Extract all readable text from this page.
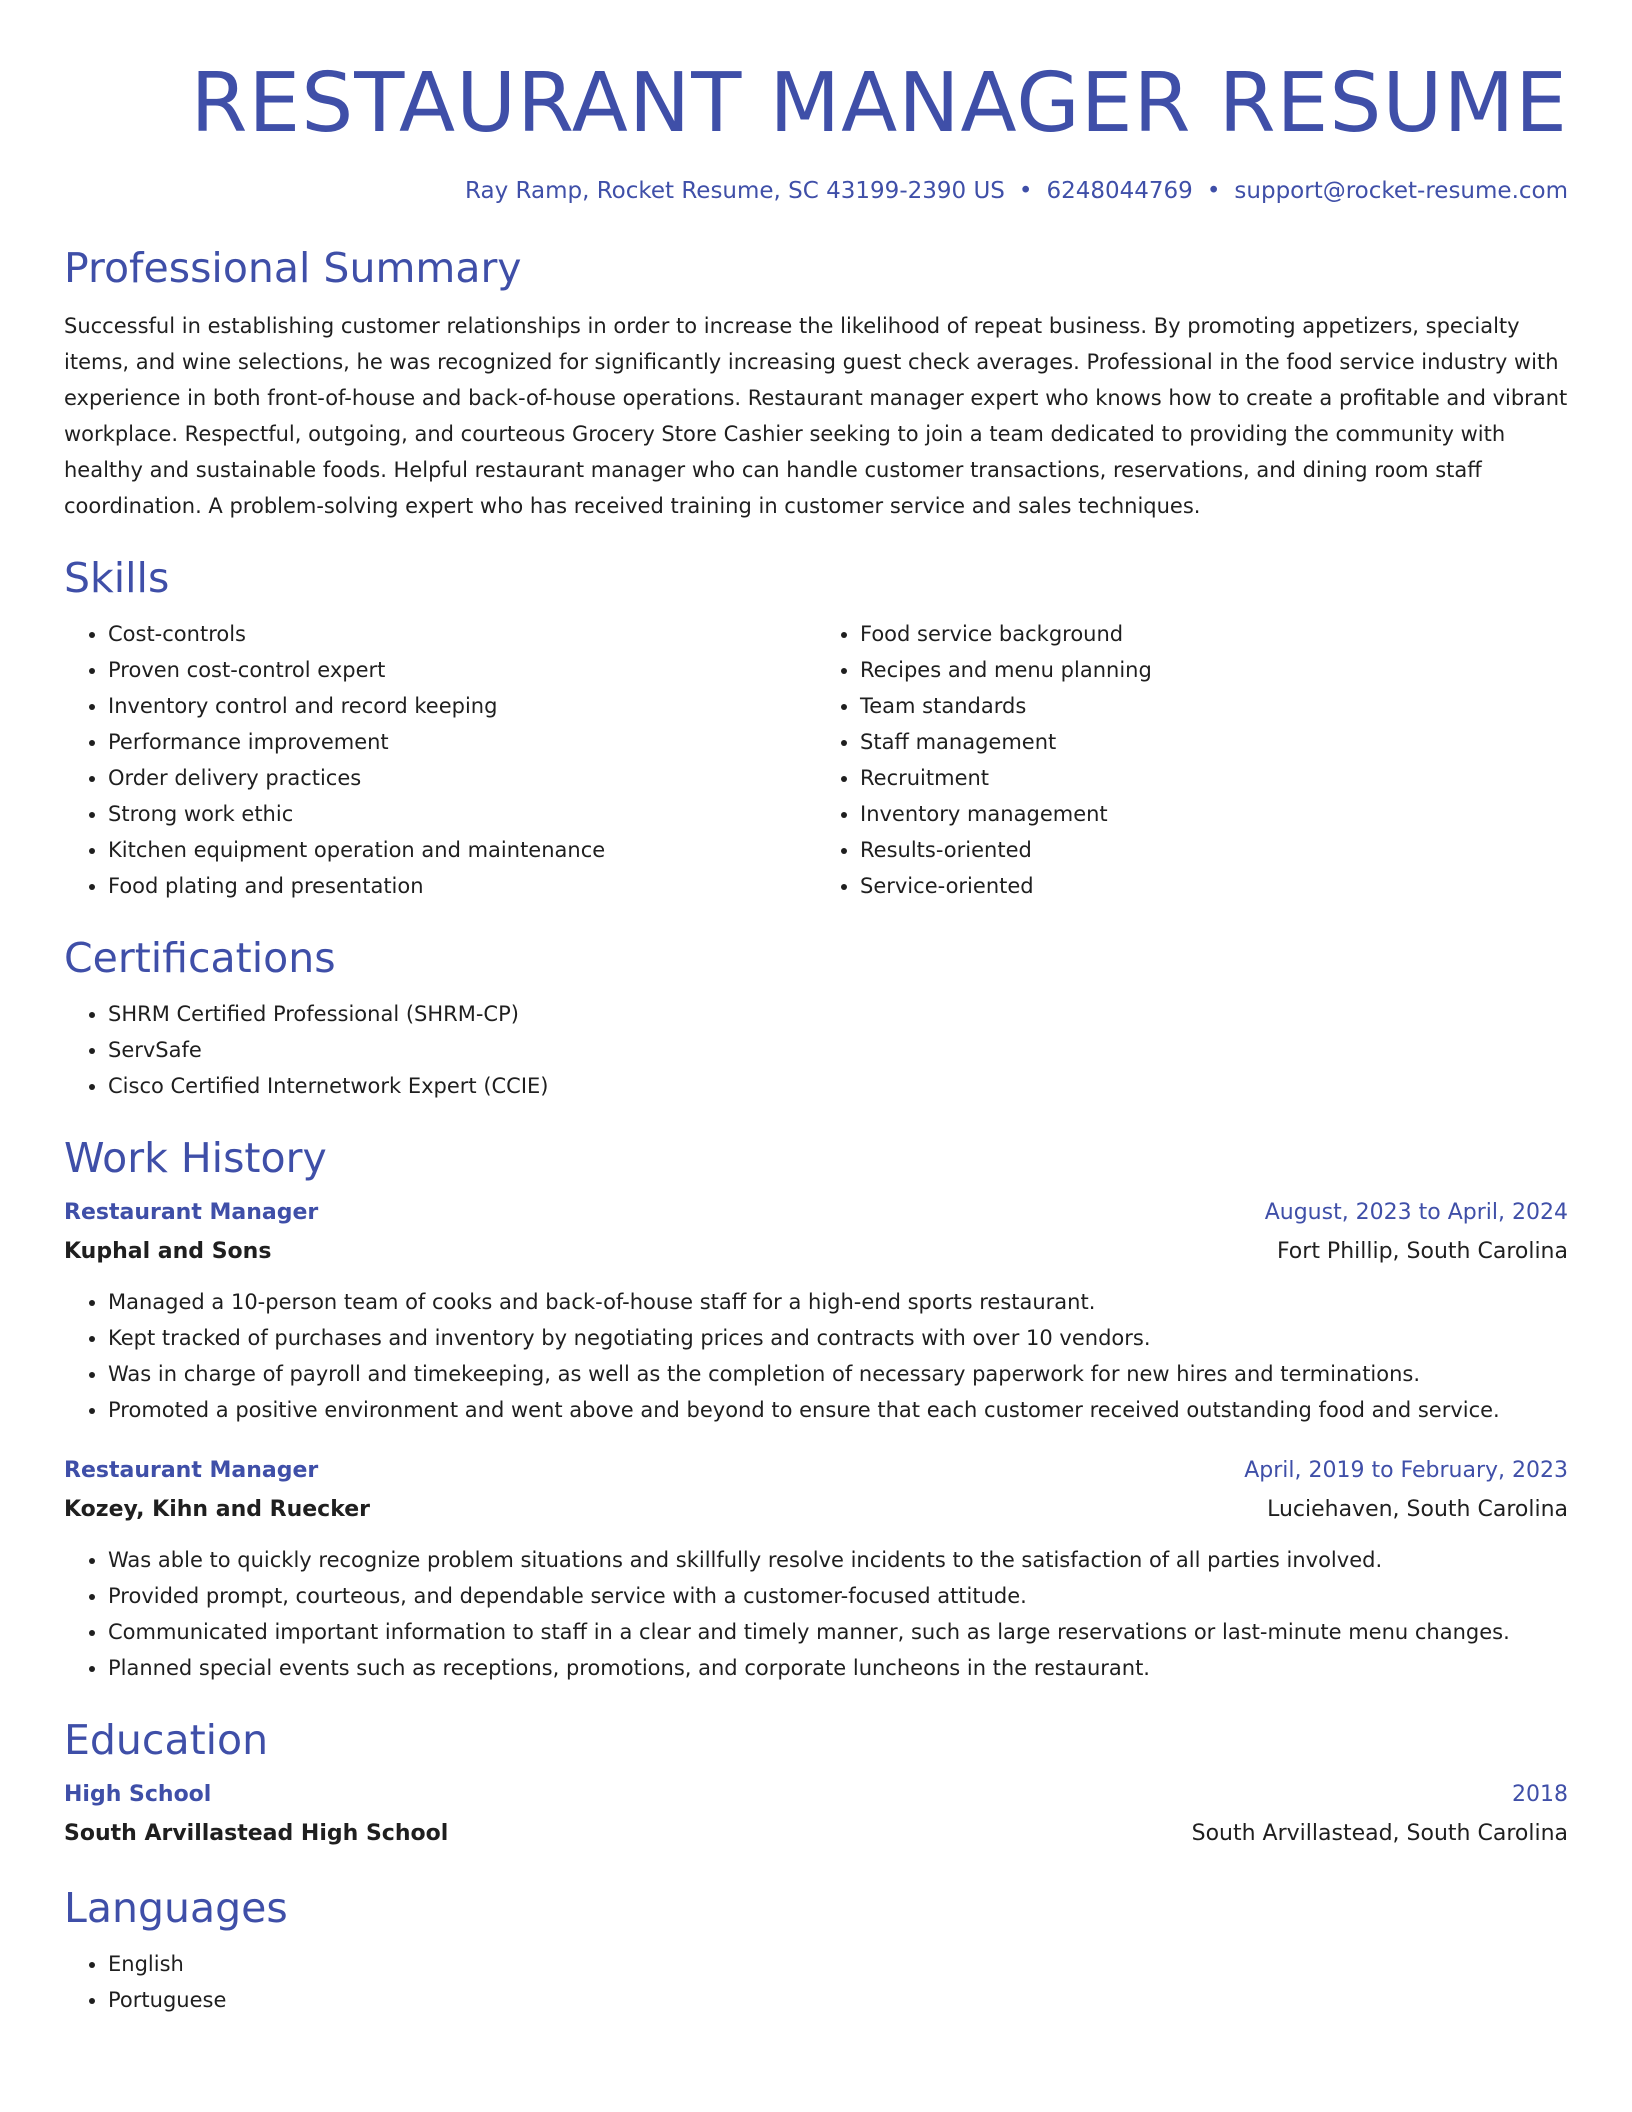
RESTAURANT MANAGER RESUME
Ray Ramp, Rocket Resume, SC 43199-2390 US • 6248044769 • support@rocket-resume.com
Professional Summary

Successful in establishing customer relationships in order to increase the likelihood of repeat business. By promoting appetizers, specialty items, and wine selections, he was recognized for significantly increasing guest check averages. Professional in the food service industry with experience in both front-of-house and back-of-house operations. Restaurant manager expert who knows how to create a profitable and vibrant workplace. Respectful, outgoing, and courteous Grocery Store Cashier seeking to join a team dedicated to providing the community with healthy and sustainable foods. Helpful restaurant manager who can handle customer transactions, reservations, and dining room staff coordination. A problem-solving expert who has received training in customer service and sales techniques.

Skills
• Cost-controls
• Proven cost-control expert
• Inventory control and record keeping
• Performance improvement
• Order delivery practices
• Strong work ethic
• Kitchen equipment operation and maintenance
• Food plating and presentation
• Food service background
• Recipes and menu planning
• Team standards
• Staff management
• Recruitment
• Inventory management
• Results-oriented
• Service-oriented
Certifications
• SHRM Certified Professional (SHRM-CP)
• ServSafe
• Cisco Certified Internetwork Expert (CCIE)
Work History
Restaurant Manager	August, 2023 to April, 2024
Kuphal and Sons	Fort Phillip, South Carolina
• Managed a 10-person team of cooks and back-of-house staff for a high-end sports restaurant.
• Kept tracked of purchases and inventory by negotiating prices and contracts with over 10 vendors.
• Was in charge of payroll and timekeeping, as well as the completion of necessary paperwork for new hires and terminations.
• Promoted a positive environment and went above and beyond to ensure that each customer received outstanding food and service.
Restaurant Manager	April, 2019 to February, 2023
Kozey, Kihn and Ruecker	Luciehaven, South Carolina
• Was able to quickly recognize problem situations and skillfully resolve incidents to the satisfaction of all parties involved.
• Provided prompt, courteous, and dependable service with a customer-focused attitude.
• Communicated important information to staff in a clear and timely manner, such as large reservations or last-minute menu changes.
• Planned special events such as receptions, promotions, and corporate luncheons in the restaurant.
Education
High School	2018
South Arvillastead High School	South Arvillastead, South Carolina
Languages
• English
• Portuguese
